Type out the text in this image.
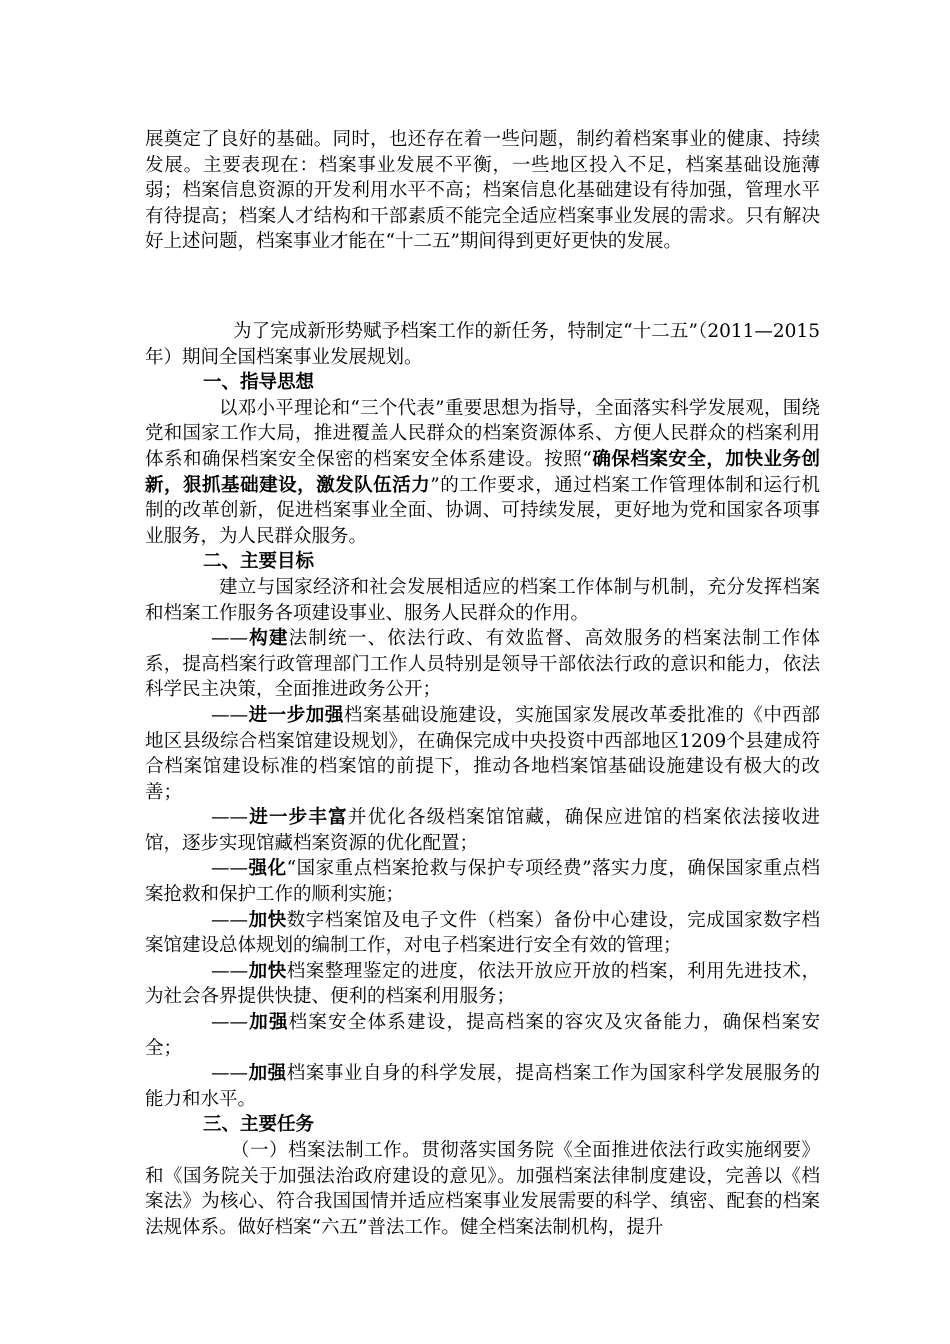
展奠定了良好的基础。同时，也还存在着一些问题，制约着档案事业的健康、持续发展。主要表现在：档案事业发展不平衡，一些地区投入不足，档案基础设施薄弱；档案信息资源的开发利用水平不高；档案信息化基础建设有待加强，管理水平有待提高；档案人才结构和干部素质不能完全适应档案事业发展的需求。只有解决好上述问题，档案事业才能在“十二五”期间得到更好更快的发展。

为了完成新形势赋予档案工作的新任务，特制定“十二五”（2011—2015年）期间全国档案事业发展规划。

一、指导思想

以邓小平理论和“三个代表”重要思想为指导，全面落实科学发展观，围绕党和国家工作大局，推进覆盖人民群众的档案资源体系、方便人民群众的档案利用体系和确保档案安全保密的档案安全体系建设。按照“确保档案安全，加快业务创新，狠抓基础建设，激发队伍活力”的工作要求，通过档案工作管理体制和运行机制的改革创新，促进档案事业全面、协调、可持续发展，更好地为党和国家各项事业服务，为人民群众服务。

二、主要目标

建立与国家经济和社会发展相适应的档案工作体制与机制，充分发挥档案和档案工作服务各项建设事业、服务人民群众的作用。

——构建法制统一、依法行政、有效监督、高效服务的档案法制工作体系，提高档案行政管理部门工作人员特别是领导干部依法行政的意识和能力，依法科学民主决策，全面推进政务公开；

——进一步加强档案基础设施建设，实施国家发展改革委批准的《中西部地区县级综合档案馆建设规划》，在确保完成中央投资中西部地区1209个县建成符合档案馆建设标准的档案馆的前提下，推动各地档案馆基础设施建设有极大的改善；

——进一步丰富并优化各级档案馆馆藏，确保应进馆的档案依法接收进馆，逐步实现馆藏档案资源的优化配置；

——强化“国家重点档案抢救与保护专项经费”落实力度，确保国家重点档案抢救和保护工作的顺利实施；

——加快数字档案馆及电子文件（档案）备份中心建设，完成国家数字档案馆建设总体规划的编制工作，对电子档案进行安全有效的管理；

——加快档案整理鉴定的进度，依法开放应开放的档案，利用先进技术，为社会各界提供快捷、便利的档案利用服务；

——加强档案安全体系建设，提高档案的容灾及灾备能力，确保档案安全；

——加强档案事业自身的科学发展，提高档案工作为国家科学发展服务的能力和水平。

三、主要任务

（一）档案法制工作。贯彻落实国务院《全面推进依法行政实施纲要》和《国务院关于加强法治政府建设的意见》。加强档案法律制度建设，完善以《档案法》为核心、符合我国国情并适应档案事业发展需要的科学、缜密、配套的档案法规体系。做好档案“六五”普法工作。健全档案法制机构，提升
